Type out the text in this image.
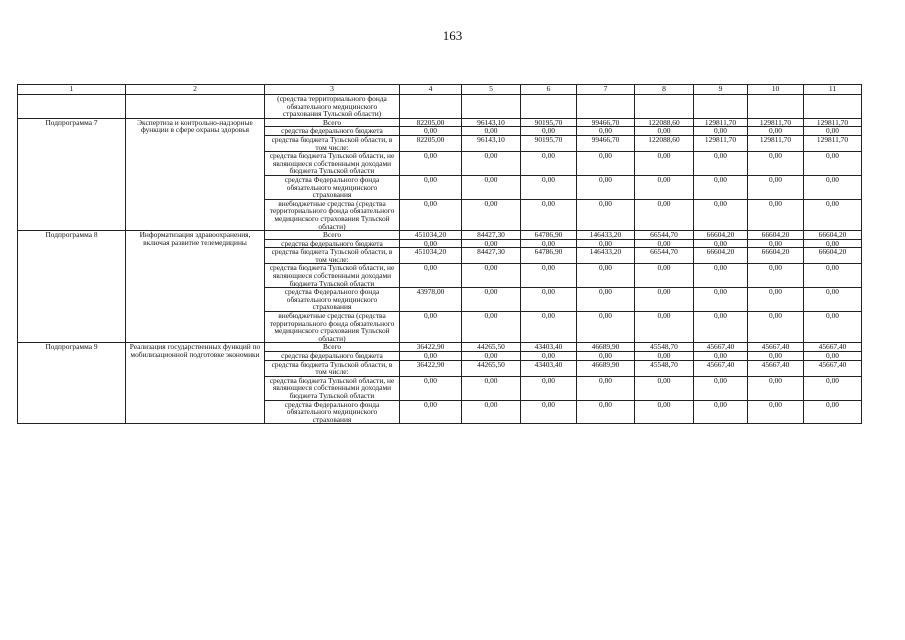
163
1	2	3	4	5	6	7	8	9	10	11
		(средства территориального фонда обязательного медицинского страхования Тульской области)								
Подпрограмма 7	Экспертиза и контрольно-надзорные функции в сфере охраны здоровья	Всего	82205,00	96143,10	90195,70	99466,70	122088,60	129811,70	129811,70	129811,70
		средства федерального бюджета	0,00	0,00	0,00	0,00	0,00	0,00	0,00	0,00
		средства бюджета Тульской области, в том числе:	82205,00	96143,10	90195,70	99466,70	122088,60	129811,70	129811,70	129811,70
		средства бюджета Тульской области, не являющиеся собственными доходами бюджета Тульской области	0,00	0,00	0,00	0,00	0,00	0,00	0,00	0,00
		средства Федерального фонда обязательного медицинского страхования	0,00	0,00	0,00	0,00	0,00	0,00	0,00	0,00
		внебюджетные средства (средства территориального фонда обязательного медицинского страхования Тульской области)	0,00	0,00	0,00	0,00	0,00	0,00	0,00	0,00
Подпрограмма 8	Информатизация здравоохранения, включая развитие телемедицины	Всего	451034,20	84427,30	64786,90	146433,20	66544,70	66604,20	66604,20	66604,20
		средства федерального бюджета	0,00	0,00	0,00	0,00	0,00	0,00	0,00	0,00
		средства бюджета Тульской области, в том числе:	451034,20	84427,30	64786,90	146433,20	66544,70	66604,20	66604,20	66604,20
		средства бюджета Тульской области, не являющиеся собственными доходами бюджета Тульской области	0,00	0,00	0,00	0,00	0,00	0,00	0,00	0,00
		средства Федерального фонда обязательного медицинского страхования	43978,00	0,00	0,00	0,00	0,00	0,00	0,00	0,00
		внебюджетные средства (средства территориального фонда обязательного медицинского страхования Тульской области)	0,00	0,00	0,00	0,00	0,00	0,00	0,00	0,00
Подпрограмма 9	Реализация государственных функций по мобилизационной подготовке экономики	Всего	36422,90	44265,50	43403,40	46689,90	45548,70	45667,40	45667,40	45667,40
		средства федерального бюджета	0,00	0,00	0,00	0,00	0,00	0,00	0,00	0,00
		средства бюджета Тульской области, в том числе:	36422,90	44265,50	43403,40	46689,90	45548,70	45667,40	45667,40	45667,40
		средства бюджета Тульской области, не являющиеся собственными доходами бюджета Тульской области	0,00	0,00	0,00	0,00	0,00	0,00	0,00	0,00
		средства Федерального фонда обязательного медицинского страхования	0,00	0,00	0,00	0,00	0,00	0,00	0,00	0,00
